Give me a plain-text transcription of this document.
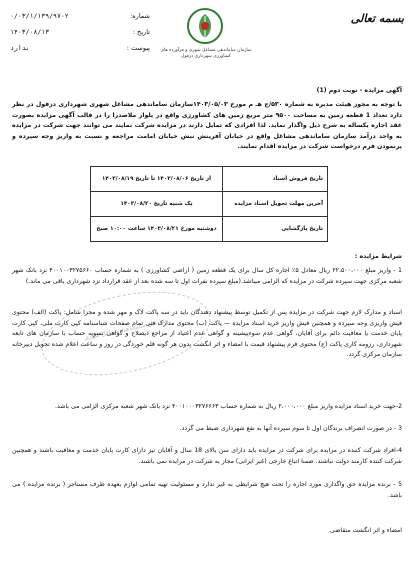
بسمه تعالی
سازمان ساماندهی مشاغل شهری و فرآورده های کشاورزی شهرداری دزفول
شماره:
۰/۰۳/۱/۱۳۹/۹۷۰۲
تاریخ :
۱۴۰۳/۰۸/۱۳
پیوست :
ندارد
آگهی مزایده - نوبت دوم (1)
با توجه به مجوز هیئت مدیره به شماره ۵۳۰/ج هـ م مورخ ۱۴۰۳/۰۵/۰۳سازمان ساماندهی مشاغل شهری شهرداری دزفول در نظر دارد تعداد 1 قطعه زمین به مساحت ۹۵۰۰ متر مربع زمین های کشاورزی واقع در بلوار ملاصدرا را در قالب آگهی مزایده بصورت عقد اجاره یکساله به شرح ذیل واگذار نماید. لذا افرادی که تمایل دارند در مزایده شرکت نمایند می توانند جهت شرکت در مزایده به واحد درآمد سازمان ساماندهی مشاغل واقع در خیابان آفرینش نبش خیابان امامت مراجعه و نسبت به واریز وجه سپرده و پرنمودن فرم درخواست شرکت در مزایده اقدام نمایند.
تاریخ فروش اسناد	از تاریخ ۱۴۰۳/۰۸/۰۶ تا تاریخ ۱۴۰۳/۰۸/۱۹
آخرین مهلت تحویل اسناد مزایده	یک شنبه تاریخ ۱۴۰۳/۰۸/۲۰
تاریخ بازگشایی	دوشنبه مورخ ۱۴۰۳/۰۸/۲۱ ساعت ۱۰:۰۰ صبح
سازمان ساماندهی مشاغل شهری
شرایط مزایده :
1 - واریز مبلغ ۲۲،۵۰۰،۰۰۰ ریال معادل ۵٪ اجاره کل سال برای یک قطعه زمین ( اراضی کشاورزی ) به شماره حساب ۴۰۰۱۰۰۳۲۷۵۶۶۰ نزد بانک شهر شعبه مرکزی جهت سپرده شرکت در مزایده که الزامی میباشد.(مبلغ سپرده نفرات اول تا سه شده بعد از عقد قرارداد نزد شهرداری باقی می ماند.)
اسناد و مدارک لازم جهت شرکت در مزایده پس از تکمیل توسط پیشنهاد دهندگان باید در سه پاکت لاک و مهر شده و مجزا شامل: پاکت (الف) محتوی فیش واریزی وجه سپرده و همچنین فیش واریز خرید اسناد مزایده — پاکت (ب) محتوی مدارک فنی تمام صفحات شناسنامه کپی کارت ملی، کپی کارت پایان خدمت یا معافیت دائم برای آقایان، گواهی عدم سوءپیشینه و گواهی عدم اعتیاد از مراجع ذیصلاح و گواهی تسویه حساب با سازمان های تابعه شهرداری، رزومه کاری پاکت (ج) محتوی فرم پیشنهاد قیمت با امضاء و اثر انگشت بدون هر گونه قلم خوردگی در روز و ساعت اعلام شده تحویل دبیرخانه سازمان مرکزی گردد.
2-جهت خرید اسناد مزایده واریز مبلغ ۲،۰۰۰،۰۰۰ ریال به شماره حساب ۴۰۰۱۰۰۰۳۲۷۶۶۶۳ نزد بانک شهر شعبه مرکزی الزامی می باشد.
3 - در صورت انصراف برندگان اول تا سوم سپرده آنها به نفع شهرداری ضبط می گردد.
4-افراد شرکت کننده در مزایده برای شرکت در مزایده باید دارای سن بالای 18 سال و آقایان نیز دارای کارت پایان خدمت و معافیت باشند و همچنین شرکت کننده کارمند دولت نباشند. ضمنا اتباع خارجی (غیر ایرانی) مجاز به شرکت در مزایده نمی باشند.
5 - برنده مزایده حق واگذاری مورد اجاره را تحت هیچ شرایطی به غیر ندارد و مسئولیت تهیه تمامی لوازم بعهده طرف مستاجر ( برنده مزایده ) می باشد.
امضاء و اثر انگشت متقاضی
